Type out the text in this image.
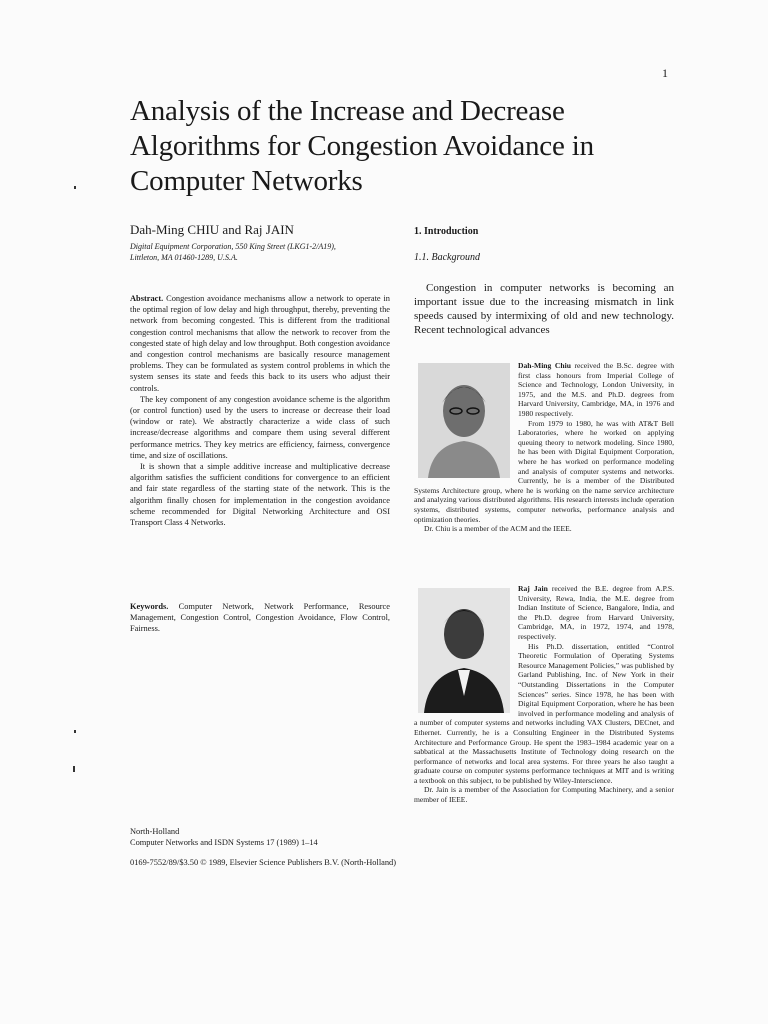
1
Analysis of the Increase and Decrease Algorithms for Congestion Avoidance in Computer Networks

Dah-Ming CHIU and Raj JAIN

Digital Equipment Corporation, 550 King Street (LKG1-2/A19),

Littleton, MA 01460-1289, U.S.A.

Abstract. Congestion avoidance mechanisms allow a network to operate in the optimal region of low delay and high throughput, thereby, preventing the network from becoming congested. This is different from the traditional congestion control mechanisms that allow the network to recover from the congested state of high delay and low throughput. Both congestion avoidance and congestion control mechanisms are basically resource management problems. They can be formulated as system control problems in which the system senses its state and feeds this back to its users who adjust their controls.

The key component of any congestion avoidance scheme is the algorithm (or control function) used by the users to increase or decrease their load (window or rate). We abstractly characterize a wide class of such increase/decrease algorithms and compare them using several different performance metrics. They key metrics are efficiency, fairness, convergence time, and size of oscillations.

It is shown that a simple additive increase and multiplicative decrease algorithm satisfies the sufficient conditions for convergence to an efficient and fair state regardless of the starting state of the network. This is the algorithm finally chosen for implementation in the congestion avoidance scheme recommended for Digital Networking Architecture and OSI Transport Class 4 Networks.

Keywords. Computer Network, Network Performance, Resource Management, Congestion Control, Congestion Avoidance, Flow Control, Fairness.

North-Holland

Computer Networks and ISDN Systems 17 (1989) 1–14

0169-7552/89/$3.50 © 1989, Elsevier Science Publishers B.V. (North-Holland)

1. Introduction
1.1. Background

Congestion in computer networks is becoming an important issue due to the increasing mismatch in link speeds caused by intermixing of old and new technology. Recent technological advances

Dah-Ming Chiu received the B.Sc. degree with first class honours from Imperial College of Science and Technology, London University, in 1975, and the M.S. and Ph.D. degrees from Harvard University, Cambridge, MA, in 1976 and 1980 respectively.

From 1979 to 1980, he was with AT&T Bell Laboratories, where he worked on applying queuing theory to network modeling. Since 1980, he has been with Digital Equipment Corporation, where he has worked on performance modeling and analysis of computer systems and networks. Currently, he is a member of the Distributed Systems Architecture group, where he is working on the name service architecture and analyzing various distributed algorithms. His research interests include operation systems, distributed systems, computer networks, performance analysis and optimization theories.

Dr. Chiu is a member of the ACM and the IEEE.

Raj Jain received the B.E. degree from A.P.S. University, Rewa, India, the M.E. degree from Indian Institute of Science, Bangalore, India, and the Ph.D. degree from Harvard University, Cambridge, MA, in 1972, 1974, and 1978, respectively.

His Ph.D. dissertation, entitled “Control Theoretic Formulation of Operating Systems Resource Management Policies,” was published by Garland Publishing, Inc. of New York in their “Outstanding Dissertations in the Computer Sciences” series. Since 1978, he has been with Digital Equipment Corporation, where he has been involved in performance modeling and analysis of a number of computer systems and networks including VAX Clusters, DECnet, and Ethernet. Currently, he is a Consulting Engineer in the Distributed Systems Architecture and Performance Group. He spent the 1983–1984 academic year on a sabbatical at the Massachusetts Institute of Technology doing research on the performance of networks and local area systems. For three years he also taught a graduate course on computer systems performance techniques at MIT and is writing a textbook on this subject, to be published by Wiley-Interscience.

Dr. Jain is a member of the Association for Computing Machinery, and a senior member of IEEE.
